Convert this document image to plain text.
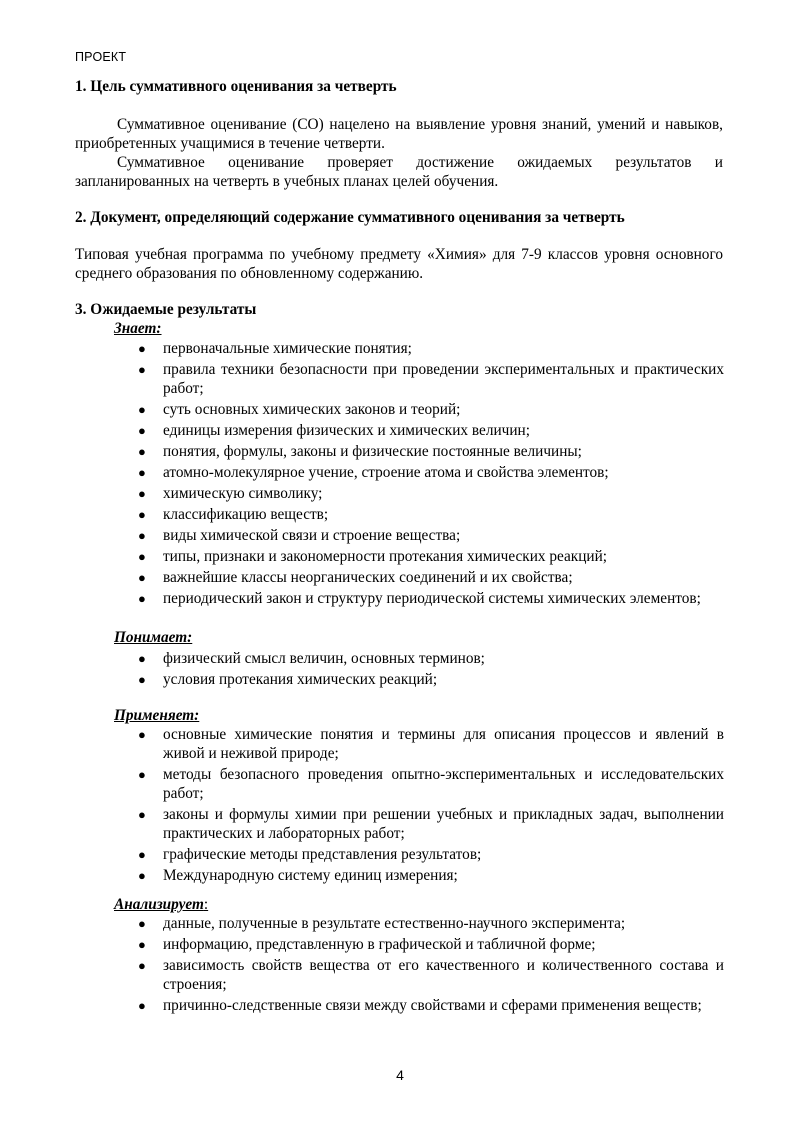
ПРОЕКТ
1. Цель суммативного оценивания за четверть
Суммативное оценивание (СО) нацелено на выявление уровня знаний, умений и навыков, приобретенных учащимися в течение четверти.
Суммативное оценивание проверяет достижение ожидаемых результатов и запланированных на четверть в учебных планах целей обучения.
2. Документ, определяющий содержание суммативного оценивания за четверть
Типовая учебная программа по учебному предмету «Химия» для 7-9 классов уровня основного среднего образования по обновленному содержанию.
3. Ожидаемые результаты
Знает:
● первоначальные химические понятия;
● правила техники безопасности при проведении экспериментальных и практических работ;
● суть основных химических законов и теорий;
● единицы измерения физических и химических величин;
● понятия, формулы, законы и физические постоянные величины;
● атомно-молекулярное учение, строение атома и свойства элементов;
● химическую символику;
● классификацию веществ;
● виды химической связи и строение вещества;
● типы, признаки и закономерности протекания химических реакций;
● важнейшие классы неорганических соединений и их свойства;
● периодический закон и структуру периодической системы химических элементов;
Понимает:
● физический смысл величин, основных терминов;
● условия протекания химических реакций;
Применяет:
● основные химические понятия и термины для описания процессов и явлений в живой и неживой природе;
● методы безопасного проведения опытно-экспериментальных и исследовательских работ;
● законы и формулы химии при решении учебных и прикладных задач, выполнении практических и лабораторных работ;
● графические методы представления результатов;
● Международную систему единиц измерения;
Анализирует:
● данные, полученные в результате естественно-научного эксперимента;
● информацию, представленную в графической и табличной форме;
● зависимость свойств вещества от его качественного и количественного состава и строения;
● причинно-следственные связи между свойствами и сферами применения веществ;
4
